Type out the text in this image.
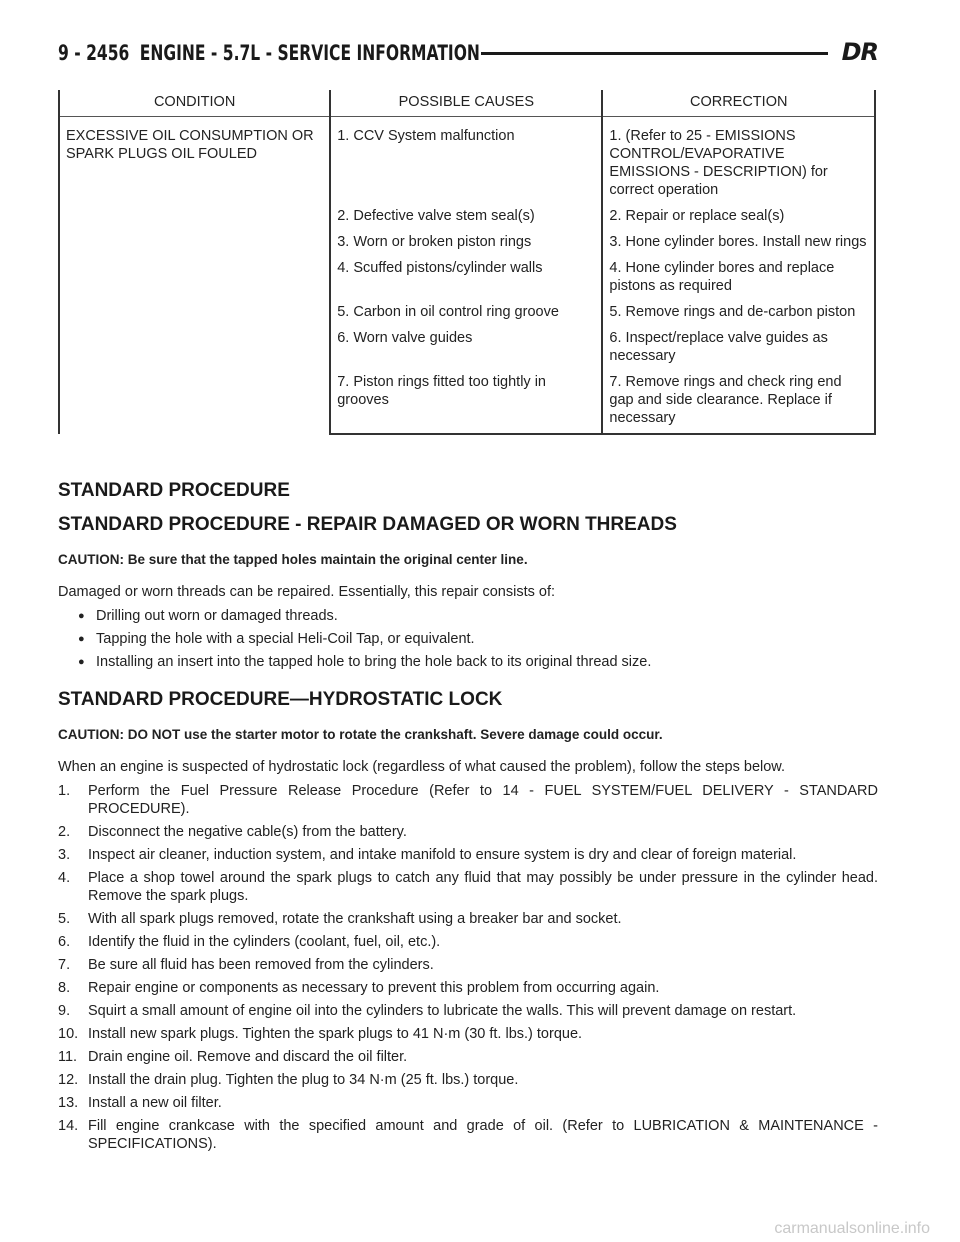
9 - 2456 ENGINE - 5.7L - SERVICE INFORMATION	DR
CONDITION	POSSIBLE CAUSES	CORRECTION
EXCESSIVE OIL CONSUMPTION OR SPARK PLUGS OIL FOULED	1. CCV System malfunction	1. (Refer to 25 - EMISSIONS CONTROL/EVAPORATIVE EMISSIONS - DESCRIPTION) for correct operation
	2. Defective valve stem seal(s)	2. Repair or replace seal(s)
	3. Worn or broken piston rings	3. Hone cylinder bores. Install new rings
	4. Scuffed pistons/cylinder walls	4. Hone cylinder bores and replace pistons as required
	5. Carbon in oil control ring groove	5. Remove rings and de-carbon piston
	6. Worn valve guides	6. Inspect/replace valve guides as necessary
	7. Piston rings fitted too tightly in grooves	7. Remove rings and check ring end gap and side clearance. Replace if necessary
STANDARD PROCEDURE
STANDARD PROCEDURE - REPAIR DAMAGED OR WORN THREADS
CAUTION: Be sure that the tapped holes maintain the original center line.

Damaged or worn threads can be repaired. Essentially, this repair consists of:

● Drilling out worn or damaged threads.
● Tapping the hole with a special Heli-Coil Tap, or equivalent.
● Installing an insert into the tapped hole to bring the hole back to its original thread size.
STANDARD PROCEDURE—HYDROSTATIC LOCK
CAUTION: DO NOT use the starter motor to rotate the crankshaft. Severe damage could occur.

When an engine is suspected of hydrostatic lock (regardless of what caused the problem), follow the steps below.

1.	Perform the Fuel Pressure Release Procedure (Refer to 14 - FUEL SYSTEM/FUEL DELIVERY - STANDARD PROCEDURE).
2.	Disconnect the negative cable(s) from the battery.
3.	Inspect air cleaner, induction system, and intake manifold to ensure system is dry and clear of foreign material.
4.	Place a shop towel around the spark plugs to catch any fluid that may possibly be under pressure in the cylinder head. Remove the spark plugs.
5.	With all spark plugs removed, rotate the crankshaft using a breaker bar and socket.
6.	Identify the fluid in the cylinders (coolant, fuel, oil, etc.).
7.	Be sure all fluid has been removed from the cylinders.
8.	Repair engine or components as necessary to prevent this problem from occurring again.
9.	Squirt a small amount of engine oil into the cylinders to lubricate the walls. This will prevent damage on restart.
10. Install new spark plugs. Tighten the spark plugs to 41 N·m (30 ft. lbs.) torque.
11. Drain engine oil. Remove and discard the oil filter.
12. Install the drain plug. Tighten the plug to 34 N·m (25 ft. lbs.) torque.
13. Install a new oil filter.
14. Fill engine crankcase with the specified amount and grade of oil. (Refer to LUBRICATION & MAINTENANCE - SPECIFICATIONS).
carmanualsonline.info
